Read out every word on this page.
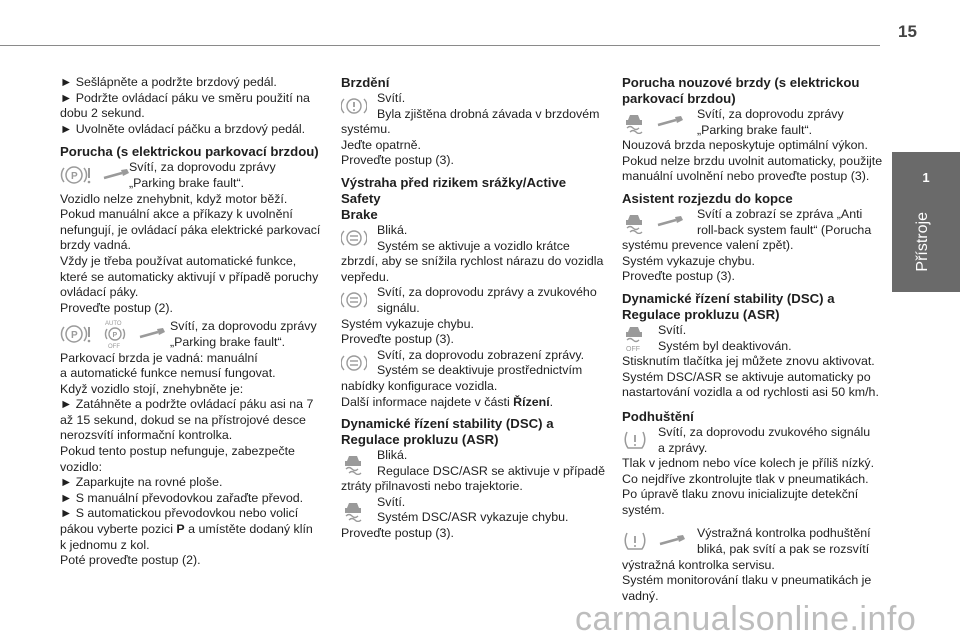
15
1
Přístroje
carmanualsonline.info
► Sešlápněte a podržte brzdový pedál.
► Podržte ovládací páku ve směru použití na
dobu 2 sekund.
► Uvolněte ovládací páčku a brzdový pedál.
Porucha (s elektrickou parkovací brzdou)
P
Svítí, za doprovodu zprávy
„Parking brake fault“.
Vozidlo nelze znehybnit, když motor běží.
Pokud manuální akce a příkazy k uvolnění
nefungují, je ovládací páka elektrické parkovací
brzdy vadná.
Vždy je třeba používat automatické funkce,
které se automaticky aktivují v případě poruchy
ovládací páky.
Proveďte postup (2).
P
AUTO
P
OFF
Svítí, za doprovodu zprávy
„Parking brake fault“.
Parkovací brzda je vadná: manuální
a automatické funkce nemusí fungovat.
Když vozidlo stojí, znehybněte je:
► Zatáhněte a podržte ovládací páku asi na 7
až 15 sekund, dokud se na přístrojové desce
nerozsvítí informační kontrolka.
Pokud tento postup nefunguje, zabezpečte
vozidlo:
► Zaparkujte na rovné ploše.
► S manuální převodovkou zařaďte převod.
► S automatickou převodovkou nebo volicí
pákou vyberte pozici P a umístěte dodaný klín
k jednomu z kol.
Poté proveďte postup (2).
Brzdění
Svítí.
Byla zjištěna drobná závada v brzdovém
systému.
Jeďte opatrně.
Proveďte postup (3).
Výstraha před rizikem srážky/Active Safety
Brake
Bliká.
Systém se aktivuje a vozidlo krátce
zbrzdí, aby se snížila rychlost nárazu do vozidla
vepředu.
Svítí, za doprovodu zprávy a zvukového
signálu.
Systém vykazuje chybu.
Proveďte postup (3).
Svítí, za doprovodu zobrazení zprávy.
Systém se deaktivuje prostřednictvím
nabídky konfigurace vozidla.
Další informace najdete v části Řízení.
Dynamické řízení stability (DSC) a
Regulace prokluzu (ASR)
Bliká.
Regulace DSC/ASR se aktivuje v případě
ztráty přilnavosti nebo trajektorie.
Svítí.
Systém DSC/ASR vykazuje chybu.
Proveďte postup (3).
Porucha nouzové brzdy (s elektrickou
parkovací brzdou)
Svítí, za doprovodu zprávy
„Parking brake fault“.
Nouzová brzda neposkytuje optimální výkon.
Pokud nelze brzdu uvolnit automaticky, použijte
manuální uvolnění nebo proveďte postup (3).
Asistent rozjezdu do kopce
Svítí a zobrazí se zpráva „Anti
roll-back system fault“ (Porucha
systému prevence valení zpět).
Systém vykazuje chybu.
Proveďte postup (3).
Dynamické řízení stability (DSC) a
Regulace prokluzu (ASR)
OFF
Svítí.
Systém byl deaktivován.
Stisknutím tlačítka jej můžete znovu aktivovat.
Systém DSC/ASR se aktivuje automaticky po
nastartování vozidla a od rychlosti asi 50 km/h.
Podhuštění
Svítí, za doprovodu zvukového signálu
a zprávy.
Tlak v jednom nebo více kolech je příliš nízký.
Co nejdříve zkontrolujte tlak v pneumatikách.
Po úpravě tlaku znovu inicializujte detekční
systém.
Výstražná kontrolka podhuštění
bliká, pak svítí a pak se rozsvítí
výstražná kontrolka servisu.
Systém monitorování tlaku v pneumatikách je
vadný.
